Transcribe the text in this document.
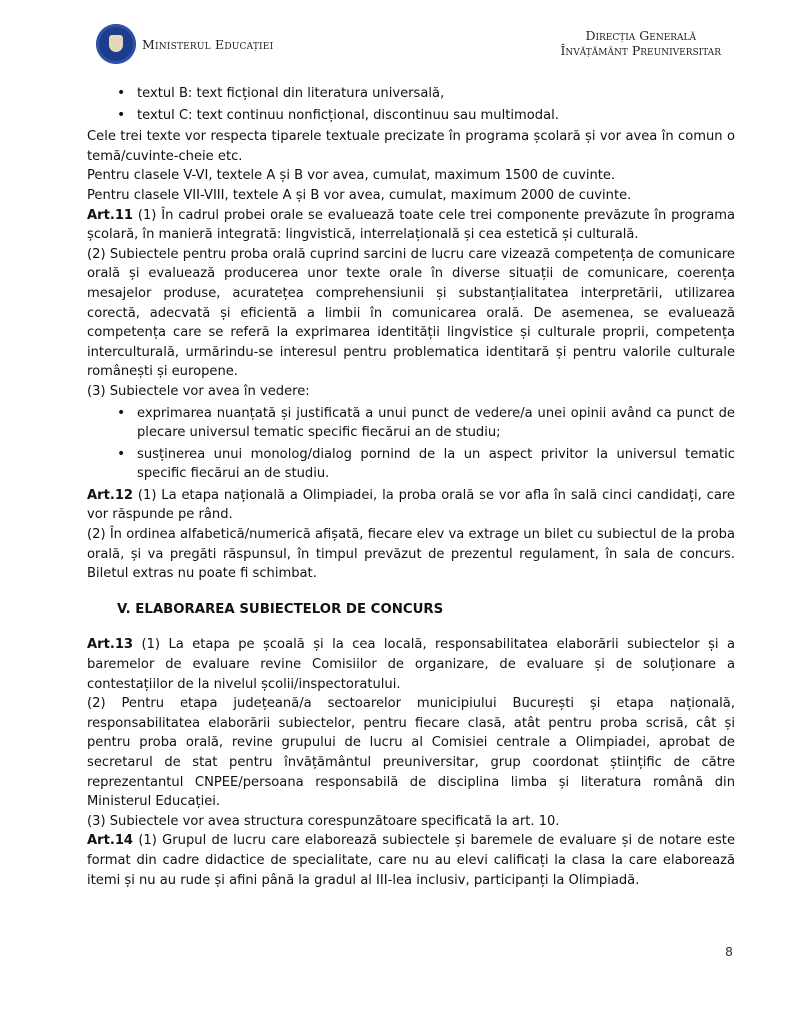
Ministerul Educației
Direcția Generală
Învățământ Preuniversitar
• textul B: text ficțional din literatura universală,
• textul C: text continuu nonficțional, discontinuu sau multimodal.

Cele trei texte vor respecta tiparele textuale precizate în programa școlară și vor avea în comun o temă/cuvinte-cheie etc.

Pentru clasele V-VI, textele A și B vor avea, cumulat, maximum 1500 de cuvinte.

Pentru clasele VII-VIII, textele A și B vor avea, cumulat, maximum 2000 de cuvinte.

Art.11 (1) În cadrul probei orale se evaluează toate cele trei componente prevăzute în programa școlară, în manieră integrată: lingvistică, interrelațională și cea estetică și culturală.

(2) Subiectele pentru proba orală cuprind sarcini de lucru care vizează competența de comunicare orală și evaluează producerea unor texte orale în diverse situații de comunicare, coerența mesajelor produse, acuratețea comprehensiunii și substanțialitatea interpretării, utilizarea corectă, adecvată și eficientă a limbii în comunicarea orală. De asemenea, se evaluează competența care se referă la exprimarea identității lingvistice și culturale proprii, competența interculturală, urmărindu-se interesul pentru problematica identitară și pentru valorile culturale românești și europene.

(3) Subiectele vor avea în vedere:

• exprimarea nuanțată și justificată a unui punct de vedere/a unei opinii având ca punct de plecare universul tematic specific fiecărui an de studiu;
• susținerea unui monolog/dialog pornind de la un aspect privitor la universul tematic specific fiecărui an de studiu.

Art.12 (1) La etapa națională a Olimpiadei, la proba orală se vor afla în sală cinci candidați, care vor răspunde pe rând.

(2) În ordinea alfabetică/numerică afișată, fiecare elev va extrage un bilet cu subiectul de la proba orală, și va pregăti răspunsul, în timpul prevăzut de prezentul regulament, în sala de concurs. Biletul extras nu poate fi schimbat.

V. ELABORAREA SUBIECTELOR DE CONCURS

Art.13 (1) La etapa pe școală și la cea locală, responsabilitatea elaborării subiectelor și a baremelor de evaluare revine Comisiilor de organizare, de evaluare și de soluționare a contestațiilor de la nivelul școlii/inspectoratului.

(2) Pentru etapa județeană/a sectoarelor municipiului București și etapa națională, responsabilitatea elaborării subiectelor, pentru fiecare clasă, atât pentru proba scrisă, cât și pentru proba orală, revine grupului de lucru al Comisiei centrale a Olimpiadei, aprobat de secretarul de stat pentru învățământul preuniversitar, grup coordonat științific de către reprezentantul CNPEE/persoana responsabilă de disciplina limba și literatura română din Ministerul Educației.

(3) Subiectele vor avea structura corespunzătoare specificată la art. 10.

Art.14 (1) Grupul de lucru care elaborează subiectele și baremele de evaluare și de notare este format din cadre didactice de specialitate, care nu au elevi calificați la clasa la care elaborează itemi și nu au rude și afini până la gradul al III-lea inclusiv, participanți la Olimpiadă.

8
